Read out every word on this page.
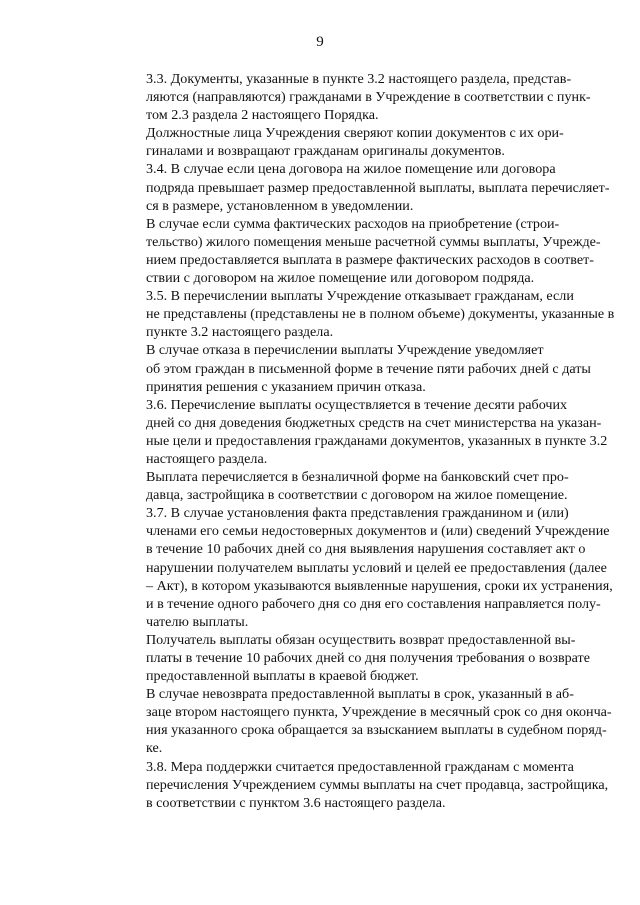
9

3.3. Документы, указанные в пункте 3.2 настоящего раздела, представ-
ляются (направляются) гражданами в Учреждение в соответствии с пунк-
том 2.3 раздела 2 настоящего Порядка.

Должностные лица Учреждения сверяют копии документов с их ори-
гиналами и возвращают гражданам оригиналы документов.

3.4. В случае если цена договора на жилое помещение или договора
подряда превышает размер предоставленной выплаты, выплата перечисляет-
ся в размере, установленном в уведомлении.

В случае если сумма фактических расходов на приобретение (строи-
тельство) жилого помещения меньше расчетной суммы выплаты, Учрежде-
нием предоставляется выплата в размере фактических расходов в соответ-
ствии с договором на жилое помещение или договором подряда.

3.5. В перечислении выплаты Учреждение отказывает гражданам, если
не представлены (представлены не в полном объеме) документы, указанные в
пункте 3.2 настоящего раздела.

В случае отказа в перечислении выплаты Учреждение уведомляет
об этом граждан в письменной форме в течение пяти рабочих дней с даты
принятия решения с указанием причин отказа.

3.6. Перечисление выплаты осуществляется в течение десяти рабочих
дней со дня доведения бюджетных средств на счет министерства на указан-
ные цели и предоставления гражданами документов, указанных в пункте 3.2
настоящего раздела.

Выплата перечисляется в безналичной форме на банковский счет про-
давца, застройщика в соответствии с договором на жилое помещение.

3.7. В случае установления факта представления гражданином и (или)
членами его семьи недостоверных документов и (или) сведений Учреждение
в течение 10 рабочих дней со дня выявления нарушения составляет акт о
нарушении получателем выплаты условий и целей ее предоставления (далее
– Акт), в котором указываются выявленные нарушения, сроки их устранения,
и в течение одного рабочего дня со дня его составления направляется полу-
чателю выплаты.

Получатель выплаты обязан осуществить возврат предоставленной вы-
платы в течение 10 рабочих дней со дня получения требования о возврате
предоставленной выплаты в краевой бюджет.

В случае невозврата предоставленной выплаты в срок, указанный в аб-
заце втором настоящего пункта, Учреждение в месячный срок со дня оконча-
ния указанного срока обращается за взысканием выплаты в судебном поряд-
ке.

3.8. Мера поддержки считается предоставленной гражданам с момента
перечисления Учреждением суммы выплаты на счет продавца, застройщика,
в соответствии с пунктом 3.6 настоящего раздела.
